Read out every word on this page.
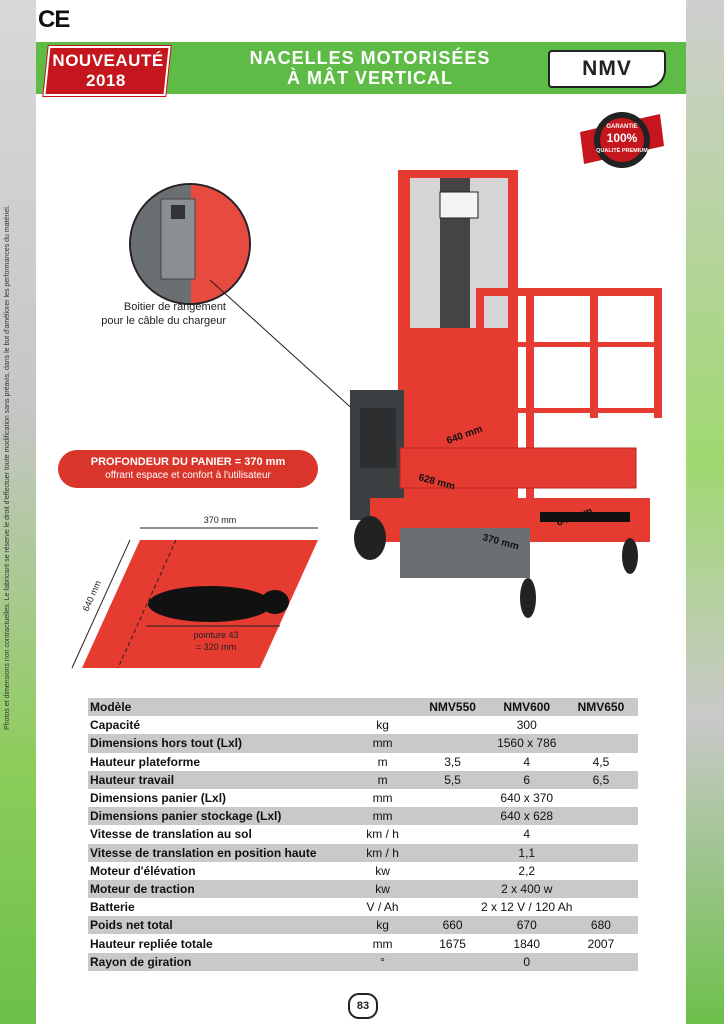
CE
NOUVEAUTÉ
2018
NACELLES MOTORISÉES
À MÂT VERTICAL	NMV
Photos et dimensions non contractuelles. Le fabricant se réserve le droit d'effectuer toute modification sans préavis, dans le but d'améliorer les performances du matériel.
GARANTIE
100%
QUALITÉ PREMIUM
Boitier de rangement
pour le câble du chargeur
PROFONDEUR DU PANIER = 370 mm
offrant espace et confort à l'utilisateur
640 mm
628 mm
640 mm
370 mm
370 mm
640 mm
pointure 43
= 320 mm
Modèle		NMV550	NMV600	NMV650
Capacité	kg	300		
Dimensions hors tout (Lxl)	mm	1560 x 786		
Hauteur plateforme	m	3,5	4	4,5
Hauteur travail	m	5,5	6	6,5
Dimensions panier (Lxl)	mm	640 x 370		
Dimensions panier stockage (Lxl)	mm	640 x 628		
Vitesse de translation au sol	km / h	4		
Vitesse de translation en position haute	km / h	1,1		
Moteur d'élévation	kw	2,2		
Moteur de traction	kw	2 x 400 w		
Batterie	V / Ah	2 x 12 V / 120 Ah		
Poids net total	kg	660	670	680
Hauteur repliée totale	mm	1675	1840	2007
Rayon de giration	°	0		
83
